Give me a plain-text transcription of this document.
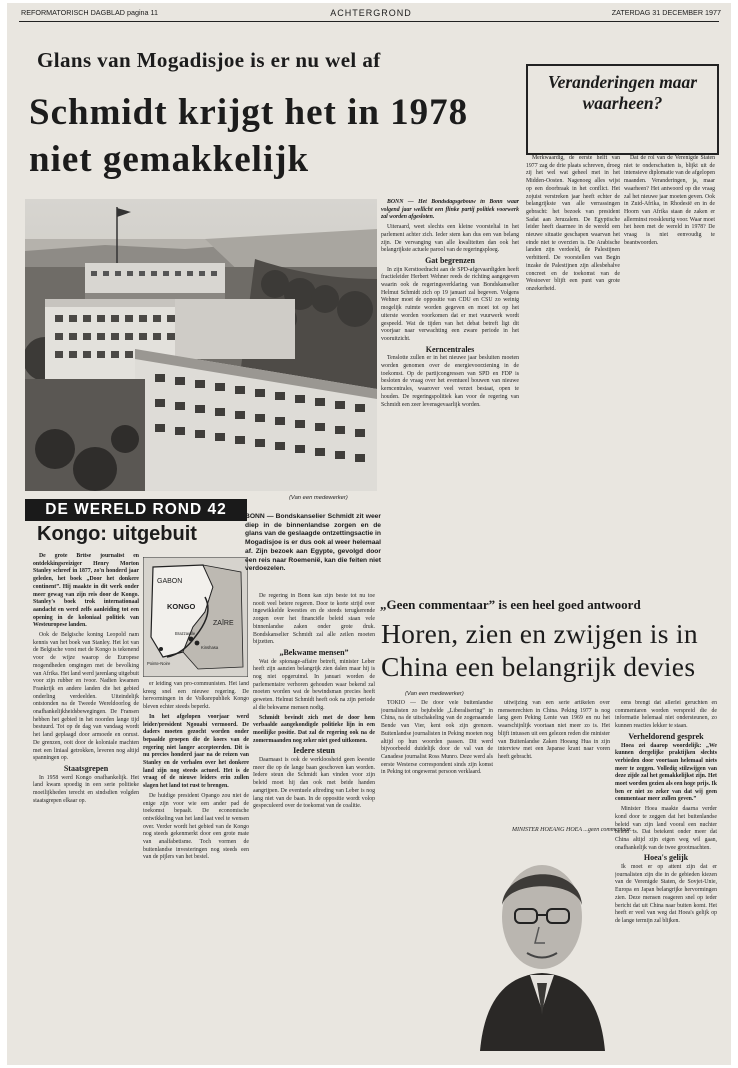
REFORMATORISCH DAGBLAD pagina 11	ACHTERGROND	ZATERDAG 31 DECEMBER 1977
Glans van Mogadisjoe is er nu wel af
Schmidt krijgt het in 1978 niet gemakkelijk
(Van een medewerker)

BONN — Het Bondsdagsgebouw in Bonn waar volgend jaar wellicht een flinke partij politiek voorwerk zal worden afgesloten.

Uiteraard, weet slechts een kleine voorsteltal in het parlement achter zich. Ieder stem kan dus een van belang zijn. De vervanging van alle kwaliteiten dan ook het belangrijkste actuele parool van de regeringsploeg.

Gat begrenzen

In zijn Kersttoedracht aan de SPD-afgevaardigden heeft fractieleider Herbert Wehner reeds de richting aangegeven waarin ook de regeringsverklaring van Bondskanselier Helmut Schmidt zich op 19 januari zal begeven. Volgens Wehner moet de oppositie van CDU en CSU zo weinig mogelijk ruimte worden gegeven en moet tot op het uiterste worden voorkomen dat er met vuurwerk wordt gespeeld. Wat de tijden van het debat betreft ligt dit voorjaar naar verwachting een zware periode in het vooruitzicht.

Kerncentrales

Tenslotte zullen er in het nieuwe jaar besluiten moeten worden genomen over de energievoorziening in de toekomst. Op de partijcongressen van SPD en FDP is besloten de vraag over het eventueel bouwen van nieuwe kerncentrales, waarover veel verzet bestaat, open te houden. De regeringspolitiek kan voor de regering van Schmidt een zeer levensgevaarlijk worden.

Veranderingen maar waarheen?

Merkwaardig, de eerste helft van 1977 zag de drie plaats schreven, droeg zij het wel wat geheel met in het Midden-Oosten. Nagenoeg alles wijst op een doorbraak in het conflict. Het zojuist verstreken jaar heeft echter de belangrijkste van alle verrassingen gebracht: het bezoek van president Sadat aan Jeruzalem. De Egyptische leider heeft daarmee in de wereld een nieuwe situatie geschapen waarvan het einde niet te overzien is. De Arabische landen zijn verdeeld, de Palestijnen verbitterd. De voorstellen van Begin inzake de Palestijnen zijn allesbehalve concreet en de toekomst van de Westoever blijft een punt van grote onzekerheid.

Dat de rol van de Verenigde Staten niet te onderschatten is, blijkt uit de intensieve diplomatie van de afgelopen maanden. Veranderingen, ja, maar waarheen? Het antwoord op die vraag zal het nieuwe jaar moeten geven. Ook in Zuid-Afrika, in Rhodesië en in de Hoorn van Afrika staan de zaken er allerminst rooskleurig voor. Waar moet het heen met de wereld in 1978? De vraag is niet eenvoudig te beantwoorden.

DE WERELD ROND 42
Kongo: uitgebuit

De grote Britse journalist en ontdekkingsreiziger Henry Morton Stanley schreef in 1877, zo'n honderd jaar geleden, het boek „Door het donkere continent”. Hij maakte in dit werk onder meer gewag van zijn reis door de Kongo. Stanley's boek trok internationaal aandacht en werd zelfs aanleiding tot een opening in de koloniaal politiek van Westeuropese landen.

Ook de Belgische koning Leopold nam kennis van het boek van Stanley. Het lot van de Belgische vorst met de Kongo is tekenend voor de wijze waarop de Europese mogendheden omgingen met de bevolking van Afrika. Het land werd jarenlang uitgebuit voor zijn rubber en ivoor. Nadien kwamen Frankrijk en andere landen die het gebied onderling verdeelden. Uiteindelijk ontstonden na de Tweede Wereldoorlog de onafhankelijkheidsbewegingen. De Fransen hebben het gebied in het noorden lange tijd bestuurd. Tot op de dag van vandaag wordt het land geplaagd door armoede en onrust. De grenzen, ooit door de koloniale machten met een liniaal getrokken, leveren nog altijd spanningen op.

Staatsgrepen

In 1958 werd Kongo onafhankelijk. Het land kwam spoedig in een serie politieke moeilijkheden terecht en sindsdien volgden staatsgrepen elkaar op.

GABON
KONGO
ZAÏRE
Brazzaville
Kinshasa
Pointe-Noire

er leiding van pro-communisten. Het land kreeg snel een nieuwe regering. De hervormingen in de Volksrepubliek Kongo bleven echter steeds beperkt.

In het afgelopen voorjaar werd leider/president Ngouabi vermoord. De daders moeten gezocht worden onder bepaalde groepen die de koers van de regering niet langer accepteerden. Dit is nu precies honderd jaar na de reizen van Stanley en de verhalen over het donkere land zijn nog steeds actueel. Het is de vraag of de nieuwe leiders erin zullen slagen het land tot rust te brengen.

De huidige president Opango zou niet de enige zijn voor wie een ander pad de toekomst bepaalt. De economische ontwikkeling van het land laat veel te wensen over. Verder wordt het gebied van de Kongo nog steeds gekenmerkt door een grote mate van analfabetisme. Toch vormen de buitenlandse investeringen nog steeds een van de pijlers van het bestel.

BONN — Bondskanselier Schmidt zit weer diep in de binnenlandse zorgen en de glans van de geslaagde ontzettingsactie in Mogadisjoe is er dus ook al weer helemaal af. Zijn bezoek aan Egypte, gevolgd door een reis naar Roemenië, kan die feiten niet verdoezelen.

De regering in Bonn kan zijn beste tot nu toe nooit veel betere regeren. Door te korte strijd over ingewikkelde kwesties en de steeds terugkerende zorgen over het financiële beleid staan vele binnenlandse zaken onder grote druk. Bondskanselier Schmidt zal alle zeilen moeten bijzetten.

„Bekwame mensen”

Wat de spionage-affaire betreft, minister Leber heeft zijn aanzien belangrijk zien dalen maar hij is nog niet opgeruimd. In januari worden de parlementaire verhoren gehouden waar bekend zal moeten worden wat de bewindsman precies heeft geweten. Helmut Schmidt heeft ook na zijn periode al die bekwame mensen nodig.

Schmidt bevindt zich met de door hem verbaalde aangekondigde politieke lijn in een moeilijke positie. Dat zal de regering ook na de zomermaanden nog zeker niet goed uitkomen.

Iedere steun

Daarnaast is ook de werkloosheid geen kwestie meer die op de lange baan geschoven kan worden. Iedere steun die Schmidt kan vinden voor zijn beleid moet hij dan ook met beide handen aangrijpen. De eventuele aftreding van Leber is nog lang niet van de baan. In de oppositie wordt volop gespeculeerd over de toekomst van de coalitie.

„Geen commentaar” is een heel goed antwoord
Horen, zien en zwijgen is in China een belangrijk devies
(Van een medewerker)

TOKIO — De door vele buitenlandse journalisten zo bejubelde „Liberalisering” in China, na de uitschakeling van de zogenaamde Bende van Vier, kent ook zijn grenzen. Buitenlandse journalisten in Peking moeten nog altijd op hun woorden passen. Dit werd bijvoorbeeld duidelijk door de val van de Canadese journalist Ross Munro. Deze werd als eerste Westerse correspondent sinds zijn komst in Peking tot ongewenst persoon verklaard.

uitwijzing van een serie artikelen over mensenrechten in China. Peking 1977 is nog lang geen Peking Lente van 1969 en nu het waarschijnlijk voortaan niet meer zo is. Het blijft intussen uit een gelezen reden die minister van Buitenlandse Zaken Hoeang Hua in zijn interview met een Japanse krant naar voren heeft gebracht.

MINISTER HOEANG HOEA ...geen commentaar...

eens brengt dat allerlei geruchten en commentaren worden verspreid die de informatie helemaal niet ondersteunen, zo kunnen reacties lekker te staan.

Verheldorend gesprek

Hoea zei daarop woordelijk: „We kunnen dergelijke praktijken slechts verbieden door voortaan helemaal niets meer te zeggen. Volledig stilzwijgen van deze zijde zal het gemakkelijkst zijn. Het moet worden gezien als een hoge prijs. Ik ben er niet zo zeker van dat wij geen commentaar meer zullen geven.”

Minister Hoea maakte daarna verder kond door te zeggen dat het buitenlandse beleid van zijn land vooral een nuchter beleid is. Dat betekent onder meer dat China altijd zijn eigen weg wil gaan, onafhankelijk van de twee grootmachten.

Hoea's gelijk

Ik moet er op attent zijn dat er journalisten zijn die in de gebieden kiezen van de Verenigde Staten, de Sovjet-Unie, Europa en Japan belangrijke hervormingen zien. Deze mensen reageren snel op ieder bericht dat uit China naar buiten komt. Het heeft er veel van weg dat Hoea's gelijk op de lange termijn zal blijken.
